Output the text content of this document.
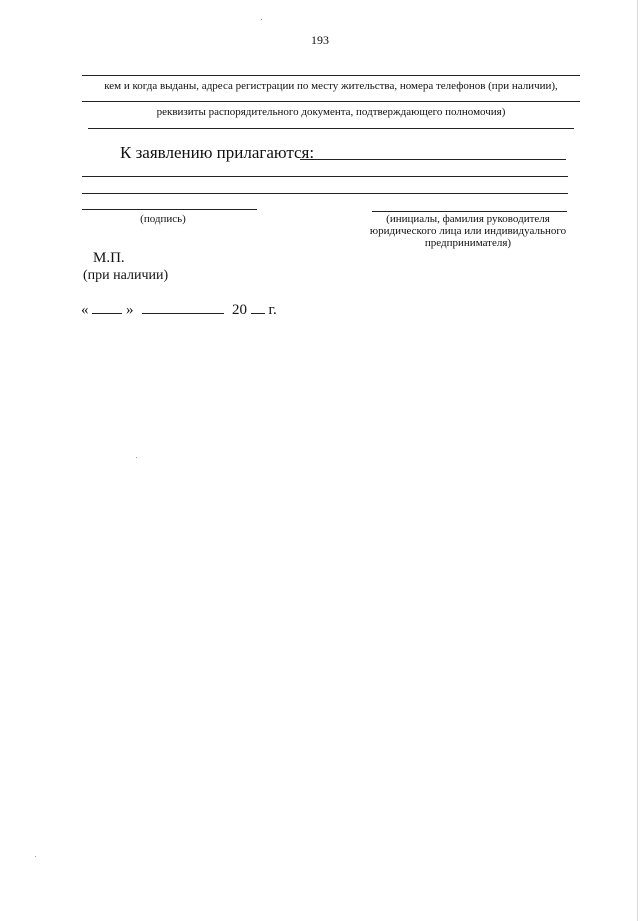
193
кем и когда выданы, адреса регистрации по месту жительства, номера телефонов (при наличии),
реквизиты распорядительного документа, подтверждающего полномочия)
К заявлению прилагаются:
(подпись)	(инициалы, фамилия руководителя юридического лица или индивидуального предпринимателя)
М.П.
(при наличии)
«	»	20 г.
